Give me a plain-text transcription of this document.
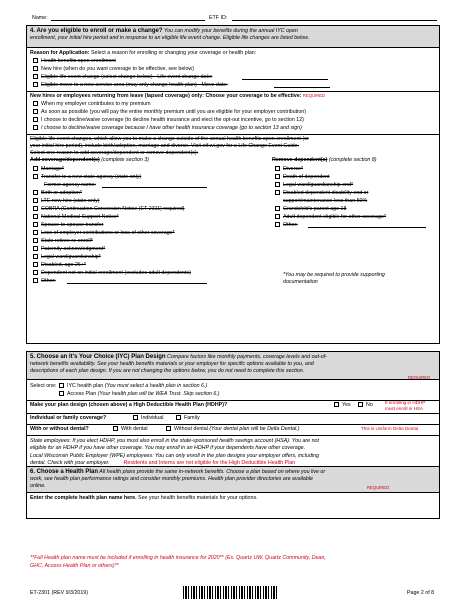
Name:	ETF ID:
4. Are you eligible to enroll or make a change? You can modify your benefits during the annual IYC open
enrollment, your initial hire period and in response to an eligible life event change. Eligible life changes are listed below.
Reason for Application: Select a reason for enrolling or changing your coverage or health plan:
Health benefits open enrollment
New hire (when do you want coverage to be effective, see below)
Eligible life event change (select change below) - Life event change date:
Eligible move to a new service area (may only change health plan) - Move date:
New hires or employees returning from leave (lapsed coverage) only: Choose your coverage to be effective: REQUIRED
When my employer contributes to my premium
As soon as possible (you will pay the entire monthly premium until you are eligible for your employer contribution)
I choose to decline/waive coverage (to decline health insurance and elect the opt-out incentive, go to section 12)
I choose to decline/waive coverage because I have other health insurance coverage (go to section 13 and sign)
Eligible life event changes, which allow you to make a change outside of the annual health benefits open enrollment (or
your initial hire period), include birth/adoption, marriage and divorce. Visit etf.wi.gov for a Life Change Event Guide.
Select one reason to add coverage/dependent or remove dependent(s):
Add coverage/dependent(s) (complete section 3)	Remove dependent(s) (complete section 8)
Marriage*
Transfer to a new state agency (state only)
Former agency name:
Birth or adoption*
LTE new hire (state only)
COBRA (Continuation Conversion Notice (ET-2311) required)
National Medical Support Notice*
Spouse-to-spouse transfer
Loss of employer contributions or loss of other coverage*
State retiree re-enroll*
Paternity acknowledgment*
Legal ward/guardianship*
Disabled, age 26+*
Dependent not on initial enrollment (excludes adult dependents)
Other:
Divorce*
Death of dependent
Legal ward/guardianship end*
Disabled dependent disability end or
support/maintenance less than 50%
Grandchild's parent age 18
Adult dependent eligible for other coverage*
Other:
*You may be required to provide supporting
documentation
5. Choose an It's Your Choice (IYC) Plan Design Compare factors like monthly payments, coverage levels and out-of-
network benefits availability. See your health benefits materials or your employer for specific options available to you, and
descriptions of each plan design. If you are not changing the options below, you do not need to complete this section.
REQUIRED
Select one:	IYC health plan (You must select a health plan in section 6.)
Access Plan (Your health plan will be WEA Trust. Skip section 6.)
Make your plan design (chosen above) a High Deductible Health Plan (HDHP)?	Yes	No	If enrolling in HDHP
must enroll in HSA
Individual or family coverage?	Individual	Family
With or without dental?	With dental	Without dental (Your dental plan will be Delta Dental.)	This is Uniform Delta Dental
State employees: If you elect HDHP, you must also enroll in the state-sponsored health savings account (HSA). You are not
eligible for an HDHP if you have other coverage. You may enroll in an HDHP if your dependents have other coverage.
Local Wisconsin Public Employer (WPE) employees: You can only enroll in the plan designs your employer offers, including
dental. Check with your employer.	Residents and Interns are not eligible for the High Deductible Health Plan
6. Choose a Health Plan All health plans provide the same in-network benefits. Choose a plan based on where you live or
work, see health plan performance ratings and consider monthly premiums. Health plan provider directories are available
online.	REQUIRED
Enter the complete health plan name here. See your health benefits materials for your options.
**Full Health plan name must be included if enrolling in health insurance for 2020** (Ex. Quartz UW, Quartz Community, Dean,
GHC, Access Health Plan or others)**
ET-2301 (REV 9/3/2019)	Page 2 of 8
